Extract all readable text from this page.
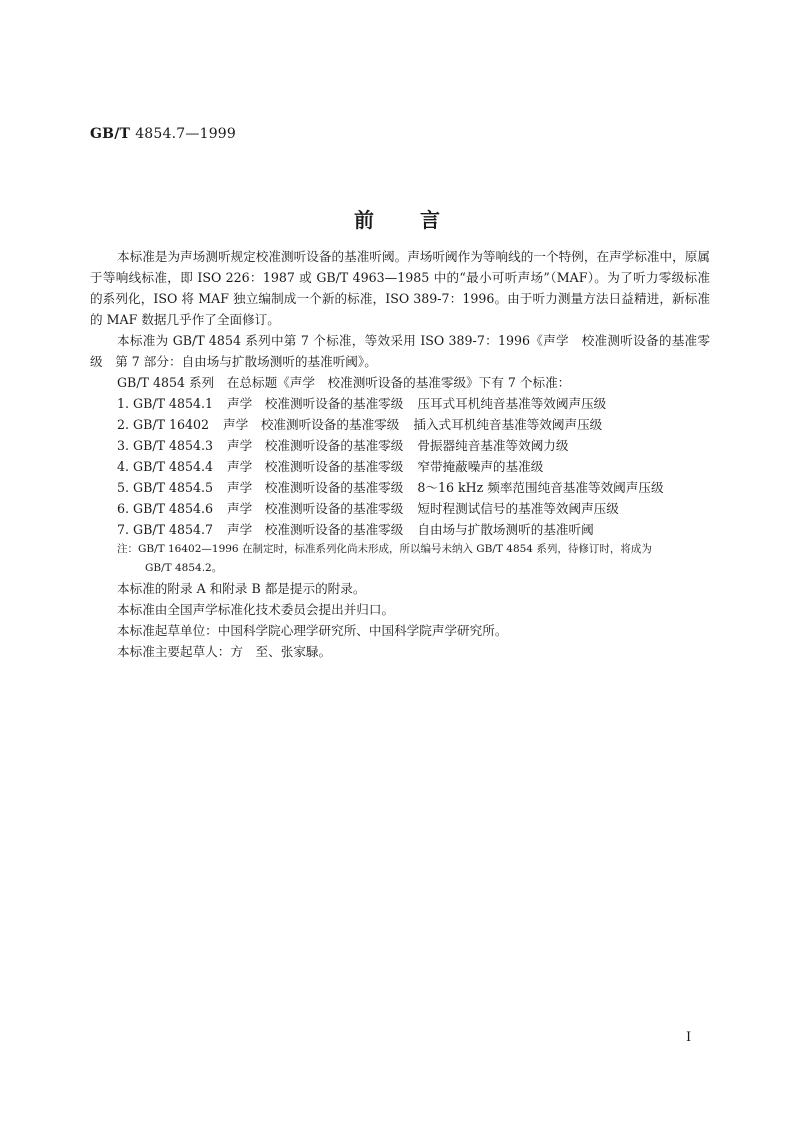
GB/T 4854.7—1999
前言

本标准是为声场测听规定校准测听设备的基准听阈。声场听阈作为等响线的一个特例，在声学标准中，原属于等响线标准，即 ISO 226：1987 或 GB/T 4963—1985 中的“最小可听声场”（MAF）。为了听力零级标准的系列化，ISO 将 MAF 独立编制成一个新的标准，ISO 389-7：1996。由于听力测量方法日益精进，新标准的 MAF 数据几乎作了全面修订。

本标准为 GB/T 4854 系列中第 7 个标准，等效采用 ISO 389-7：1996《声学　校准测听设备的基准零级　第 7 部分：自由场与扩散场测听的基准听阈》。

GB/T 4854 系列　在总标题《声学　校准测听设备的基准零级》下有 7 个标准：

1. GB/T 4854.1 声学　校准测听设备的基准零级 压耳式耳机纯音基准等效阈声压级
2. GB/T 16402 声学　校准测听设备的基准零级 插入式耳机纯音基准等效阈声压级
3. GB/T 4854.3 声学　校准测听设备的基准零级 骨振器纯音基准等效阈力级
4. GB/T 4854.4 声学　校准测听设备的基准零级 窄带掩蔽噪声的基准级
5. GB/T 4854.5 声学　校准测听设备的基准零级 8～16 kHz 频率范围纯音基准等效阈声压级
6. GB/T 4854.6 声学　校准测听设备的基准零级 短时程测试信号的基准等效阈声压级
7. GB/T 4854.7 声学　校准测听设备的基准零级 自由场与扩散场测听的基准听阈
注：GB/T 16402—1996 在制定时，标准系列化尚未形成，所以编号未纳入 GB/T 4854 系列，待修订时，将成为
GB/T 4854.2。

本标准的附录 A 和附录 B 都是提示的附录。

本标准由全国声学标准化技术委员会提出并归口。

本标准起草单位：中国科学院心理学研究所、中国科学院声学研究所。

本标准主要起草人：方　至、张家騄。

I
